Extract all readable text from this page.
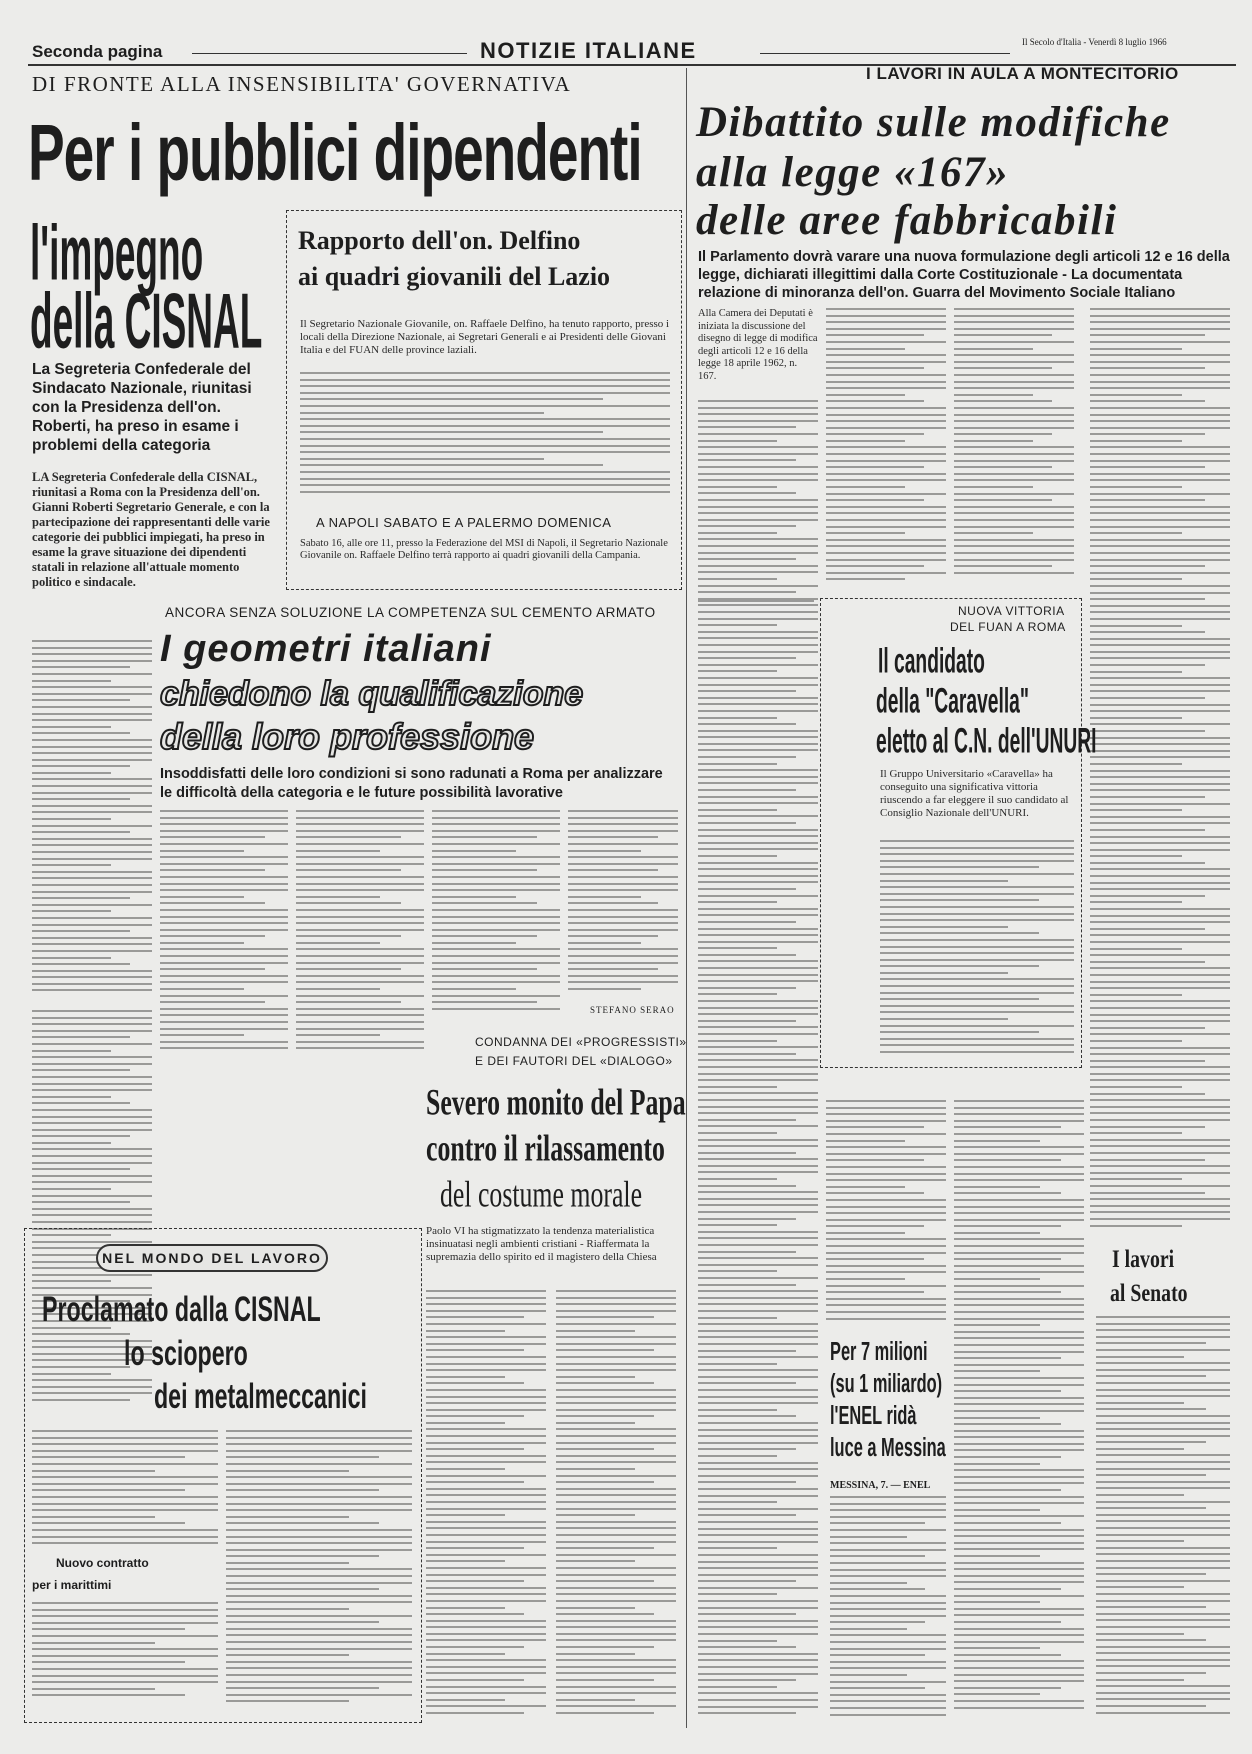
Seconda pagina	NOTIZIE ITALIANE	Il Secolo d'Italia - Venerdì 8 luglio 1966
DI FRONTE ALLA INSENSIBILITA' GOVERNATIVA
Per i pubblici dipendenti
l'impegno
della CISNAL
La Segreteria Confederale del Sindacato Nazionale, riunitasi con la Presidenza dell'on. Roberti, ha preso in esame i problemi della categoria
LA Segreteria Confederale della CISNAL, riunitasi a Roma con la Presidenza dell'on. Gianni Roberti Segretario Generale, e con la partecipazione dei rappresentanti delle varie categorie dei pubblici impiegati, ha preso in esame la grave situazione dei dipendenti statali in relazione all'attuale momento politico e sindacale.
Rapporto dell'on. Delfino
ai quadri giovanili del Lazio
Il Segretario Nazionale Giovanile, on. Raffaele Delfino, ha tenuto rapporto, presso i locali della Direzione Nazionale, ai Segretari Generali e ai Presidenti delle Giovani Italia e del FUAN delle province laziali.
A NAPOLI SABATO E A PALERMO DOMENICA
Sabato 16, alle ore 11, presso la Federazione del MSI di Napoli, il Segretario Nazionale Giovanile on. Raffaele Delfino terrà rapporto ai quadri giovanili della Campania.
ANCORA SENZA SOLUZIONE LA COMPETENZA SUL CEMENTO ARMATO
I geometri italiani
chiedono la qualificazione
della loro professione
Insoddisfatti delle loro condizioni si sono radunati a Roma per analizzare le difficoltà della categoria e le future possibilità lavorative
STEFANO SERAO
CONDANNA DEI «PROGRESSISTI»
E DEI FAUTORI DEL «DIALOGO»
Severo monito del Papa
contro il rilassamento
del costume morale
Paolo VI ha stigmatizzato la tendenza materialistica insinuatasi negli ambienti cristiani - Riaffermata la supremazia dello spirito ed il magistero della Chiesa
NEL MONDO DEL LAVORO
Proclamato dalla CISNAL
lo sciopero
dei metalmeccanici
Nuovo contratto
per i marittimi
I LAVORI IN AULA A MONTECITORIO
Dibattito sulle modifiche
alla legge «167»
delle aree fabbricabili
Il Parlamento dovrà varare una nuova formulazione degli articoli 12 e 16 della legge, dichiarati illegittimi dalla Corte Costituzionale - La documentata relazione di minoranza dell'on. Guarra del Movimento Sociale Italiano
Alla Camera dei Deputati è iniziata la discussione del disegno di legge di modifica degli articoli 12 e 16 della legge 18 aprile 1962, n. 167.
NUOVA VITTORIA
DEL FUAN A ROMA
Il candidato
della "Caravella"
eletto al C.N. dell'UNURI
Il Gruppo Universitario «Caravella» ha conseguito una significativa vittoria riuscendo a far eleggere il suo candidato al Consiglio Nazionale dell'UNURI.
Per 7 milioni
(su 1 miliardo)
l'ENEL ridà
luce a Messina
MESSINA, 7. — ENEL
I lavori
al Senato
